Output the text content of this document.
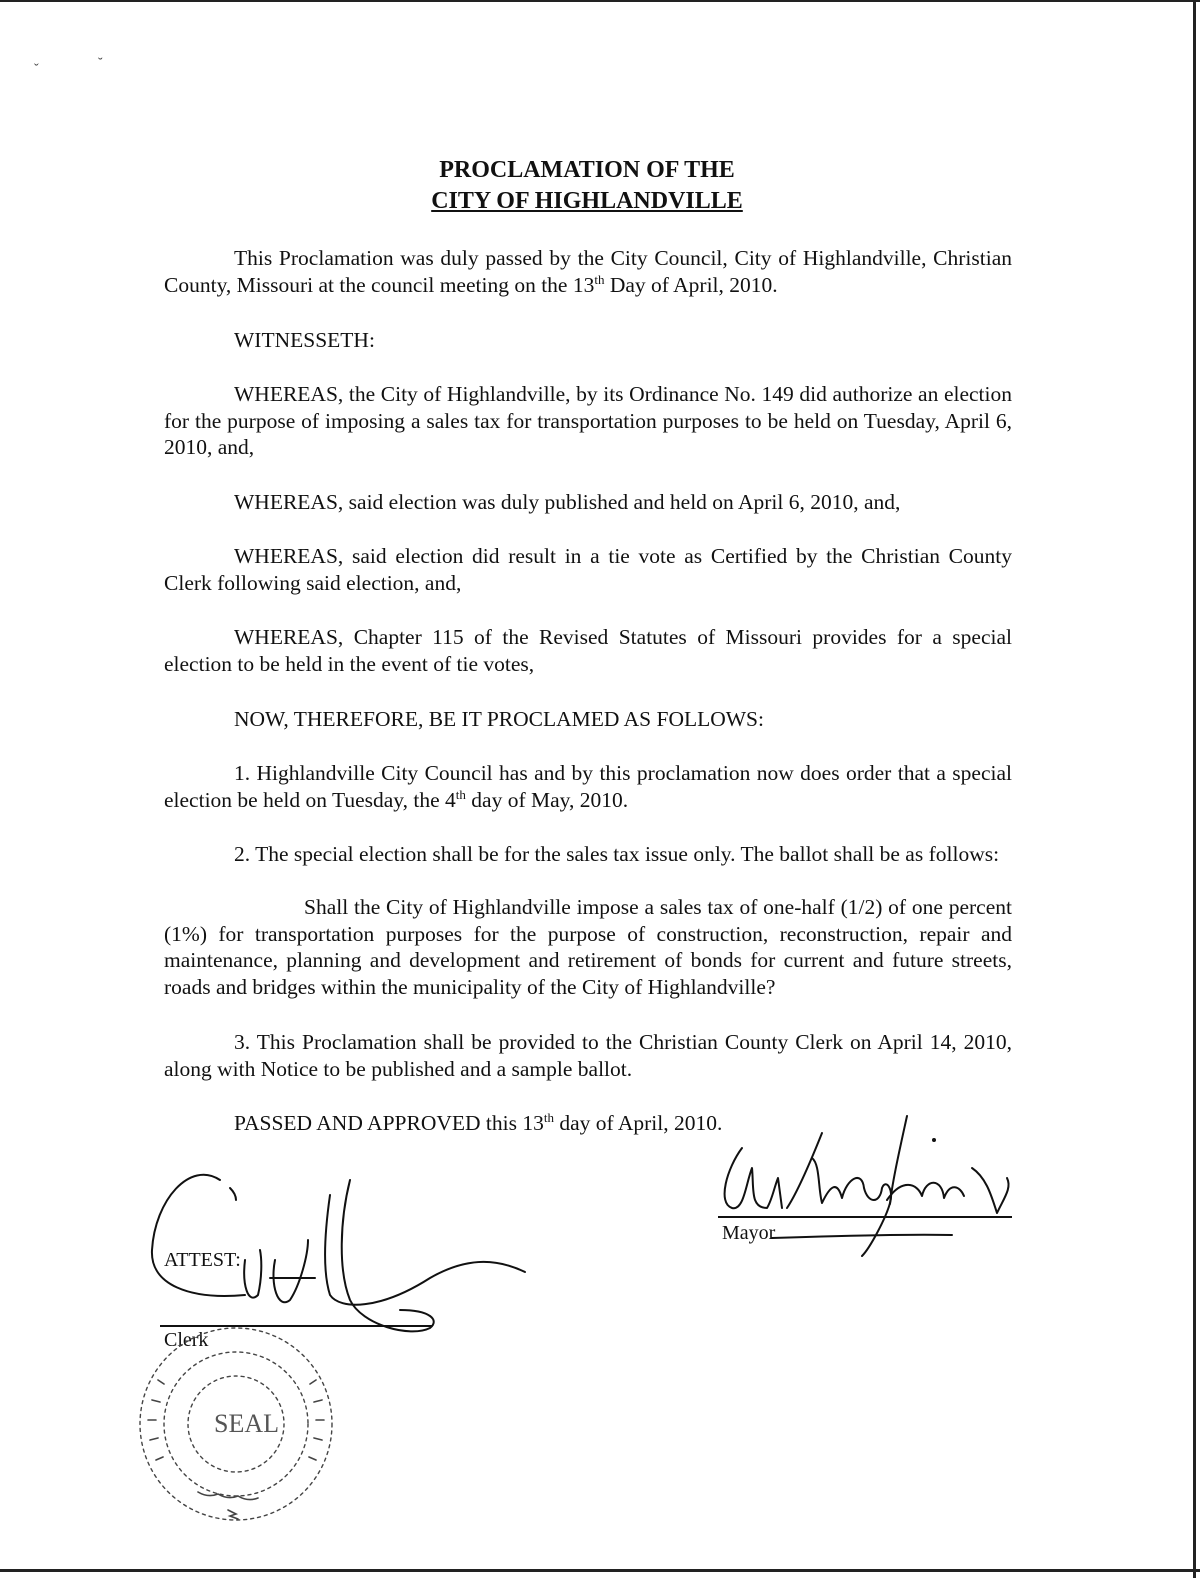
ˇ	˘
PROCLAMATION OF THE
CITY OF HIGHLANDVILLE
This Proclamation was duly passed by the City Council, City of Highlandville, Christian County, Missouri at the council meeting on the 13th Day of April, 2010.
WITNESSETH:
WHEREAS, the City of Highlandville, by its Ordinance No. 149 did authorize an election for the purpose of imposing a sales tax for transportation purposes to be held on Tuesday, April 6, 2010, and,
WHEREAS, said election was duly published and held on April 6, 2010, and,
WHEREAS, said election did result in a tie vote as Certified by the Christian County Clerk following said election, and,
WHEREAS, Chapter 115 of the Revised Statutes of Missouri provides for a special election to be held in the event of tie votes,
NOW, THEREFORE, BE IT PROCLAMED AS FOLLOWS:
1. Highlandville City Council has and by this proclamation now does order that a special election be held on Tuesday, the 4th day of May, 2010.
2. The special election shall be for the sales tax issue only. The ballot shall be as follows:
Shall the City of Highlandville impose a sales tax of one-half (1/2) of one percent (1%) for transportation purposes for the purpose of construction, reconstruction, repair and maintenance, planning and development and retirement of bonds for current and future streets, roads and bridges within the municipality of the City of Highlandville?
3. This Proclamation shall be provided to the Christian County Clerk on April 14, 2010, along with Notice to be published and a sample ballot.
PASSED AND APPROVED this 13th day of April, 2010.
Mayor
ATTEST:
Clerk
SEAL
